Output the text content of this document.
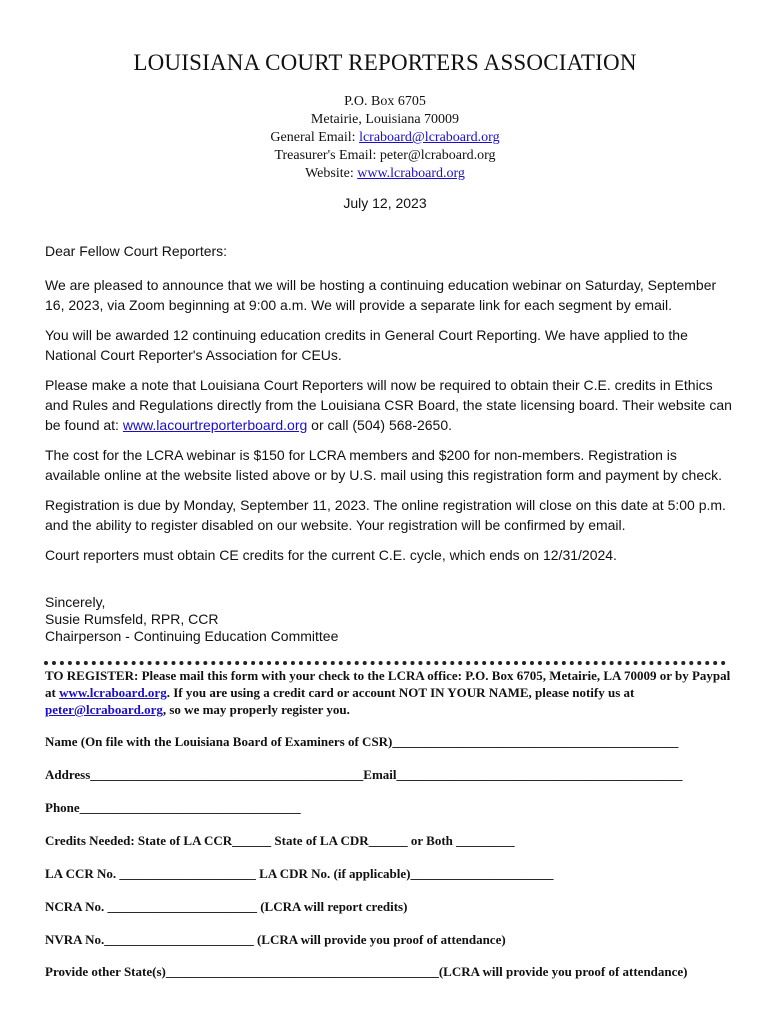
LOUISIANA COURT REPORTERS ASSOCIATION
P.O. Box 6705
Metairie, Louisiana 70009
General Email: lcraboard@lcraboard.org
Treasurer's Email: peter@lcraboard.org
Website: www.lcraboard.org
July 12, 2023
Dear Fellow Court Reporters:
We are pleased to announce that we will be hosting a continuing education webinar on Saturday, September 16, 2023, via Zoom beginning at 9:00 a.m. We will provide a separate link for each segment by email.
You will be awarded 12 continuing education credits in General Court Reporting. We have applied to the National Court Reporter's Association for CEUs.
Please make a note that Louisiana Court Reporters will now be required to obtain their C.E. credits in Ethics and Rules and Regulations directly from the Louisiana CSR Board, the state licensing board. Their website can be found at: www.lacourtreporterboard.org or call (504) 568-2650.
The cost for the LCRA webinar is $150 for LCRA members and $200 for non-members. Registration is available online at the website listed above or by U.S. mail using this registration form and payment by check.
Registration is due by Monday, September 11, 2023. The online registration will close on this date at 5:00 p.m. and the ability to register disabled on our website. Your registration will be confirmed by email.
Court reporters must obtain CE credits for the current C.E. cycle, which ends on 12/31/2024.
Sincerely,
Susie Rumsfeld, RPR, CCR
Chairperson - Continuing Education Committee
TO REGISTER: Please mail this form with your check to the LCRA office: P.O. Box 6705, Metairie, LA 70009 or by Paypal at www.lcraboard.org. If you are using a credit card or account NOT IN YOUR NAME, please notify us at peter@lcraboard.org, so we may properly register you.
Name (On file with the Louisiana Board of Examiners of CSR)____________________________________________
Address__________________________________________Email____________________________________________
Phone__________________________________
Credits Needed: State of LA CCR______ State of LA CDR______ or Both _________
LA CCR No. _____________________ LA CDR No. (if applicable)______________________
NCRA No. _______________________ (LCRA will report credits)
NVRA No._______________________ (LCRA will provide you proof of attendance)
Provide other State(s)__________________________________________(LCRA will provide you proof of attendance)
